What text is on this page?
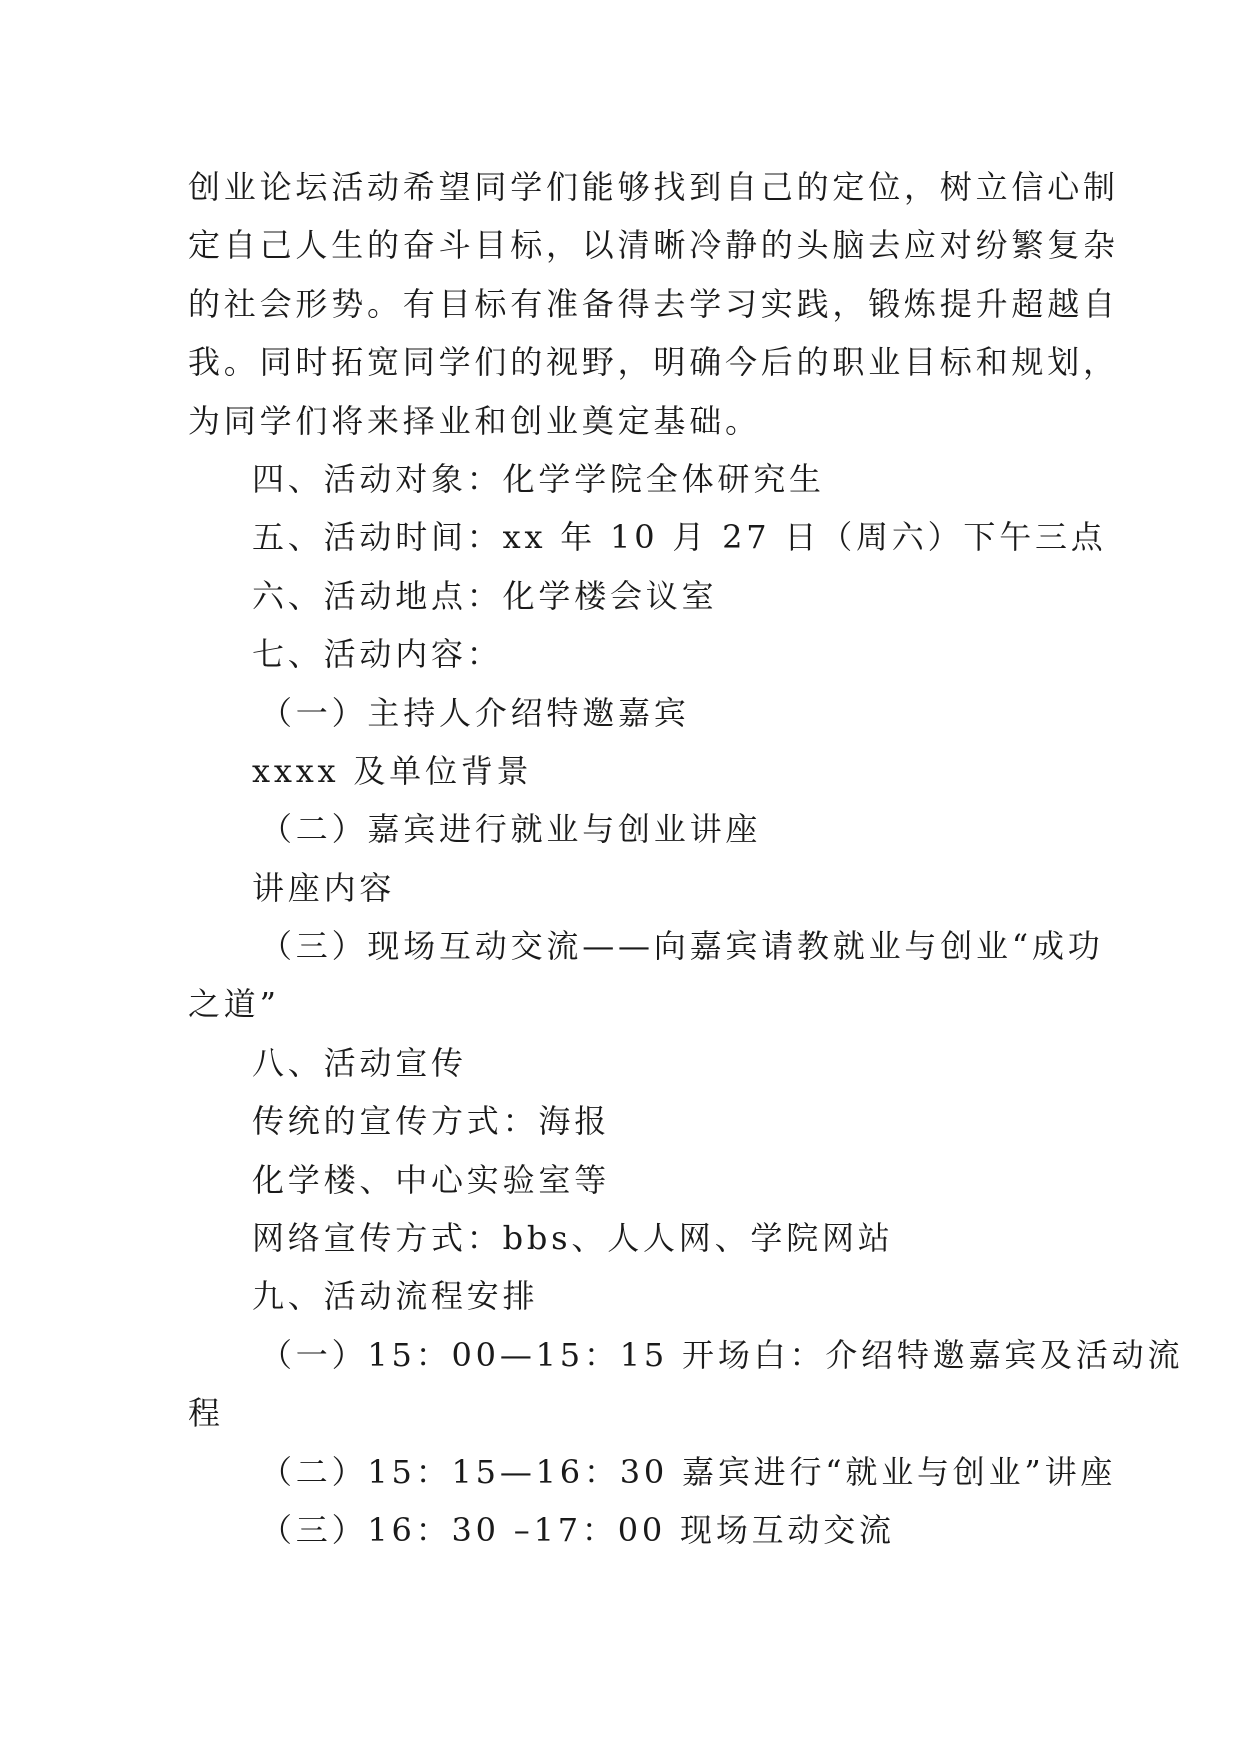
创业论坛活动希望同学们能够找到自己的定位，树立信心制
定自己人生的奋斗目标，以清晰冷静的头脑去应对纷繁复杂
的社会形势。有目标有准备得去学习实践，锻炼提升超越自
我。同时拓宽同学们的视野，明确今后的职业目标和规划，
为同学们将来择业和创业奠定基础。
四、活动对象：化学学院全体研究生
五、活动时间：xx 年 10 月 27 日（周六）下午三点
六、活动地点：化学楼会议室
七、活动内容：
（一）主持人介绍特邀嘉宾
xxxx 及单位背景
（二）嘉宾进行就业与创业讲座
讲座内容
（三）现场互动交流——向嘉宾请教就业与创业“成功
之道”
八、活动宣传
传统的宣传方式：海报
化学楼、中心实验室等
网络宣传方式：bbs、人人网、学院网站
九、活动流程安排
（一）15：00—15：15 开场白：介绍特邀嘉宾及活动流
程
（二）15：15—16：30 嘉宾进行“就业与创业”讲座
（三）16：30 –17：00 现场互动交流
